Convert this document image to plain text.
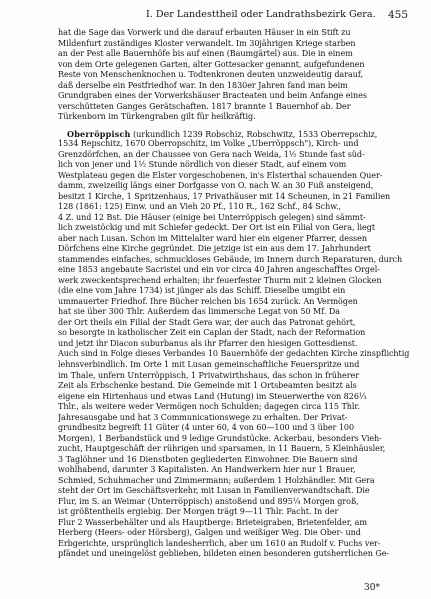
I. Der Landesttheil oder Landrathsbezirk Gera. 455
hat die Sage das Vorwerk und die darauf erbauten Häuser in ein Stift zu
Mildenfurt zuständiges Kloster verwandelt. Im 30jährigen Kriege starben
an der Pest alle Bauernhöfe bis auf einen (Baumgärtel) aus. Die in einem
von dem Orte gelegenen Garten, alter Gottesacker genannt, aufgefundenen
Reste von Menschenknochen u. Todtenkronen deuten unzweideutig darauf,
daß derselbe ein Pestfriedhof war. In den 1830er Jahren fand man beim
Grundgraben eines der Vorwerkshäuser Bracteaten und beim Anfange eines
verschütteten Ganges Gerätschaften. 1817 brannte 1 Bauernhof ab. Der
Türkenborn im Türkengraben gilt für heilkräftig.
Oberröppisch (urkundlich 1239 Robschiz, Robschwitz, 1533 Oberrepschiz,
1534 Repschitz, 1670 Oberropschitz, im Volke „Uberröppsch"), Kirch- und
Grenzdörfchen, an der Chaussee von Gera nach Weida, 1½ Stunde fast süd-
lich von jener und 1½ Stunde nördlich von dieser Stadt, auf einem vom
Westplateau gegen die Elster vorgeschobenen, in's Elsterthal schauenden Quer-
damm, zweizeilig längs einer Dorfgasse von O. nach W. an 30 Fuß ansteigend,
besitzt 1 Kirche, 1 Spritzenhaus, 17 Privathäuser mit 14 Scheunen, in 21 Familien
128 (1861: 125) Einw. und an Vieh 20 Pf., 110 R., 162 Schf., 84 Schw.,
4 Z. und 12 Bst. Die Häuser (einige bei Unterröppisch gelegen) sind sämmt-
lich zweistöckig und mit Schiefer gedeckt. Der Ort ist ein Filial von Gera, liegt
aber nach Lusan. Schon im Mittelalter ward hier ein eigener Pfarrer, dessen
Dörfchens eine Kirche gegründet. Die jetzige ist ein aus dem 17. Jahrhundert
stammendes einfaches, schmuckloses Gebäude, im Innern durch Reparaturen, durch
eine 1853 angebaute Sacristei und ein vor circa 40 Jahren angeschafftes Orgel-
werk zweckentsprechend erhalten; ihr feuerfester Thurm mit 2 kleinen Glocken
(die eine vom Jahre 1734) ist jünger als das Schiff. Dieselbe umgibt ein
ummauerter Friedhof. Ihre Bücher reichen bis 1654 zurück. An Vermögen
hat sie über 300 Thlr. Außerdem das limmersche Legat von 50 Mf. Da
der Ort theils ein Filial der Stadt Gera war, der auch das Patronat gehört,
so besorgte in katholischer Zeit ein Caplan der Stadt, nach der Reformation
und jetzt ihr Diacon suburbanus als ihr Pfarrer den hiesigen Gottesdienst.
Auch sind in Folge dieses Verbandes 10 Bauernhöfe der gedachten Kirche zinspflichtig
lehnsverbindlich. Im Orte 1 mit Lusan gemeinschaftliche Feuerspritze und
im Thale, unfern Unterröppisch, 1 Privatwirthshaus, das schon in früherer
Zeit als Erbschenke bestand. Die Gemeinde mit 1 Ortsbeamten besitzt als
eigene ein Hirtenhaus und etwas Land (Hutung) im Steuerwerthe von 826⅓
Thlr., als weitere weder Vermögen noch Schulden; dagegen circa 115 Thlr.
Jahresausgabe und hat 3 Communicationswege zu erhalten. Der Privat-
grundbesitz begreift 11 Güter (4 unter 60, 4 von 60—100 und 3 über 100
Morgen), 1 Berbandstück und 9 ledige Grundstücke. Ackerbau, besonders Vieh-
zucht, Hauptgeschäft der rührigen und sparsamen, in 11 Bauern, 5 Kleinhäusler,
3 Taglöhner und 16 Dienstboten gegliederten Einwohner. Die Bauern sind
wohlhabend, darunter 3 Kapitalisten. An Handwerkern hier nur 1 Brauer,
Schmied, Schuhmacher und Zimmermann; außerdem 1 Holzhändler. Mit Gera
steht der Ort im Geschäftsverkehr, mit Lusan in Familienverwandtschaft. Die
Flur, im S. an Weimar (Unterröppisch) anstoßend und 895¼ Morgen groß,
ist größtentheils ergiebig. Der Morgen trägt 9—11 Thlr. Pacht. In der
Flur 2 Wasserbehälter und als Hauptberge: Brieteigraben, Brietenfelder, am
Herberg (Heers- oder Hörsberg), Galgen und weißiger Weg. Die Ober- und
Erbgerichte, ursprünglich landesherrlich, aber um 1610 an Rudolf v. Fuchs ver-
pfändet und uneingelöst geblieben, bildeten einen besonderen gutsherrlichen Ge-
30*
